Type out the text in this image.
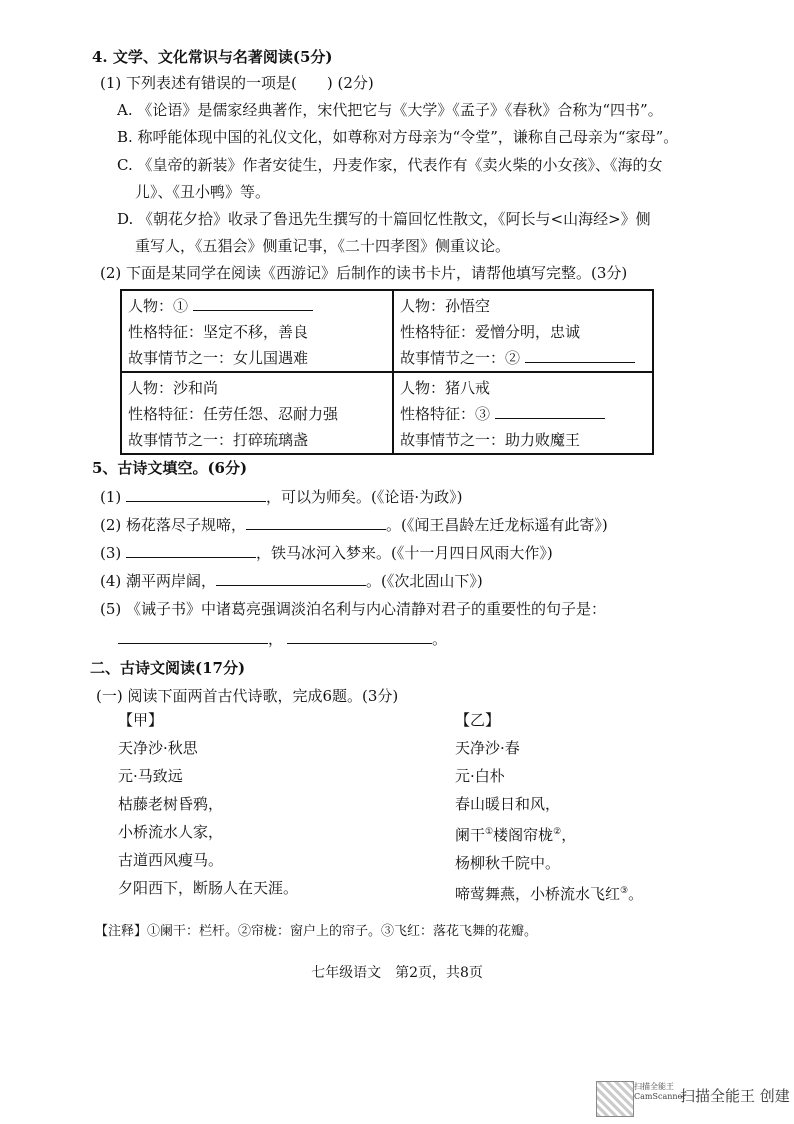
4. 文学、文化常识与名著阅读(5分)
(1) 下列表述有错误的一项是(　　) (2分)
A. 《论语》是儒家经典著作，宋代把它与《大学》《孟子》《春秋》合称为“四书”。
B. 称呼能体现中国的礼仪文化，如尊称对方母亲为“令堂”，谦称自己母亲为“家母”。
C. 《皇帝的新装》作者安徒生，丹麦作家，代表作有《卖火柴的小女孩》、《海的女
儿》、《丑小鸭》等。
D. 《朝花夕拾》收录了鲁迅先生撰写的十篇回忆性散文，《阿长与<山海经>》侧
重写人，《五猖会》侧重记事，《二十四孝图》侧重议论。
(2) 下面是某同学在阅读《西游记》后制作的读书卡片，请帮他填写完整。(3分)
人物：①
性格特征：坚定不移，善良
故事情节之一：女儿国遇难
人物：孙悟空
性格特征：爱憎分明，忠诚
故事情节之一：②
人物：沙和尚
性格特征：任劳任怨、忍耐力强
故事情节之一：打碎琉璃盏
人物：猪八戒
性格特征：③
故事情节之一：助力败魔王
5、古诗文填空。(6分)
(1)	，可以为师矣。(《论语·为政》)
(2) 杨花落尽子规啼，	。(《闻王昌龄左迁龙标遥有此寄》)
(3)	，铁马冰河入梦来。(《十一月四日风雨大作》)
(4) 潮平两岸阔，	。(《次北固山下》)
(5) 《诫子书》中诸葛亮强调淡泊名利与内心清静对君子的重要性的句子是：
，	。
二、古诗文阅读(17分)
(一) 阅读下面两首古代诗歌，完成6题。(3分)
【甲】
天净沙·秋思
元·马致远
枯藤老树昏鸦，
小桥流水人家，
古道西风瘦马。
夕阳西下，断肠人在天涯。
【乙】
天净沙·春
元·白朴
春山暖日和风，
阑干①楼阁帘栊②，
杨柳秋千院中。
啼莺舞燕，小桥流水飞红③。
【注释】①阑干：栏杆。②帘栊：窗户上的帘子。③飞红：落花飞舞的花瓣。
七年级语文　第2页，共8页
扫描全能王 CamScanner
扫描全能王 创建
